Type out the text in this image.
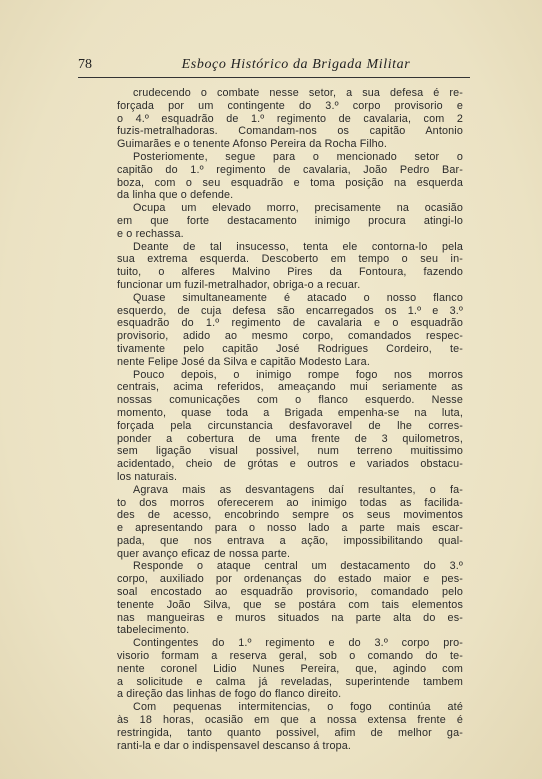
78	Esboço Histórico da Brigada Militar

crudecendo o combate nesse setor, a sua defesa é re-
forçada por um contingente do 3.º corpo provisorio e
o 4.º esquadrão de 1.º regimento de cavalaria, com 2
fuzis-metralhadoras. Comandam-nos os capitão Antonio
Guimarães e o tenente Afonso Pereira da Rocha Filho.

Posteriomente, segue para o mencionado setor o
capitão do 1.º regimento de cavalaria, João Pedro Bar-
boza, com o seu esquadrão e toma posição na esquerda
da linha que o defende.

Ocupa um elevado morro, precisamente na ocasião
em que forte destacamento inimigo procura atingi-lo
e o rechassa.

Deante de tal insucesso, tenta ele contorna-lo pela
sua extrema esquerda. Descoberto em tempo o seu in-
tuito, o alferes Malvino Pires da Fontoura, fazendo
funcionar um fuzil-metralhador, obriga-o a recuar.

Quase simultaneamente é atacado o nosso flanco
esquerdo, de cuja defesa são encarregados os 1.º e 3.º
esquadrão do 1.º regimento de cavalaria e o esquadrão
provisorio, adido ao mesmo corpo, comandados respec-
tivamente pelo capitão José Rodrigues Cordeiro, te-
nente Felipe José da Silva e capitão Modesto Lara.

Pouco depois, o inimigo rompe fogo nos morros
centrais, acima referidos, ameaçando mui seriamente as
nossas comunicações com o flanco esquerdo. Nesse
momento, quase toda a Brigada empenha-se na luta,
forçada pela circunstancia desfavoravel de lhe corres-
ponder a cobertura de uma frente de 3 quilometros,
sem ligação visual possivel, num terreno muitissimo
acidentado, cheio de grótas e outros e variados obstacu-
los naturais.

Agrava mais as desvantagens daí resultantes, o fa-
to dos morros oferecerem ao inimigo todas as facilida-
des de acesso, encobrindo sempre os seus movimentos
e apresentando para o nosso lado a parte mais escar-
pada, que nos entrava a ação, impossibilitando qual-
quer avanço eficaz de nossa parte.

Responde o ataque central um destacamento do 3.º
corpo, auxiliado por ordenanças do estado maior e pes-
soal encostado ao esquadrão provisorio, comandado pelo
tenente João Silva, que se postára com tais elementos
nas mangueiras e muros situados na parte alta do es-
tabelecimento.

Contingentes do 1.º regimento e do 3.º corpo pro-
visorio formam a reserva geral, sob o comando do te-
nente coronel Lidio Nunes Pereira, que, agindo com
a solicitude e calma já reveladas, superintende tambem
a direção das linhas de fogo do flanco direito.

Com pequenas intermitencias, o fogo continúa até
às 18 horas, ocasião em que a nossa extensa frente é
restringida, tanto quanto possivel, afim de melhor ga-
ranti-la e dar o indispensavel descanso á tropa.
